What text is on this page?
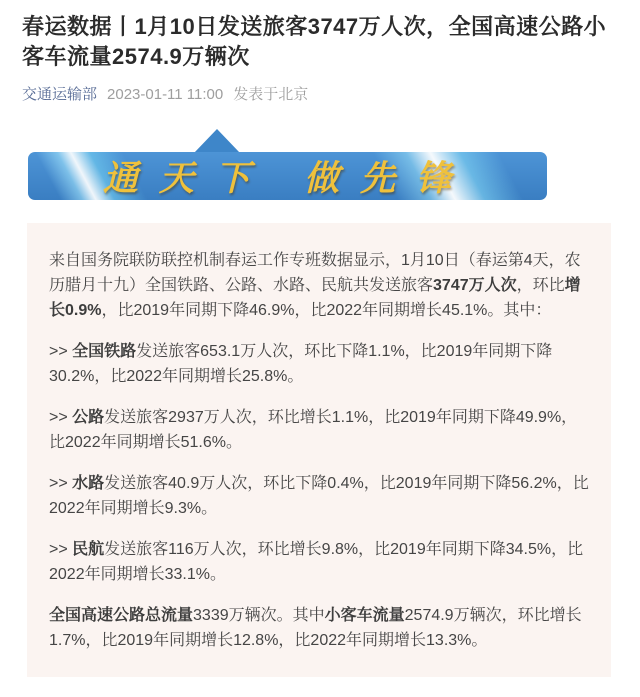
春运数据丨1月10日发送旅客3747万人次，全国高速公路小客车流量2574.9万辆次
交通运输部 2023-01-11 11:00 发表于北京
通天下 做先锋

来自国务院联防联控机制春运工作专班数据显示，1月10日（春运第4天，农历腊月十九）全国铁路、公路、水路、民航共发送旅客3747万人次，环比增长0.9%，比2019年同期下降46.9%，比2022年同期增长45.1%。其中：

>> 全国铁路发送旅客653.1万人次，环比下降1.1%，比2019年同期下降30.2%，比2022年同期增长25.8%。

>> 公路发送旅客2937万人次，环比增长1.1%，比2019年同期下降49.9%，比2022年同期增长51.6%。

>> 水路发送旅客40.9万人次，环比下降0.4%，比2019年同期下降56.2%，比2022年同期增长9.3%。

>> 民航发送旅客116万人次，环比增长9.8%，比2019年同期下降34.5%，比2022年同期增长33.1%。

全国高速公路总流量3339万辆次。其中小客车流量2574.9万辆次，环比增长1.7%，比2019年同期增长12.8%，比2022年同期增长13.3%。
